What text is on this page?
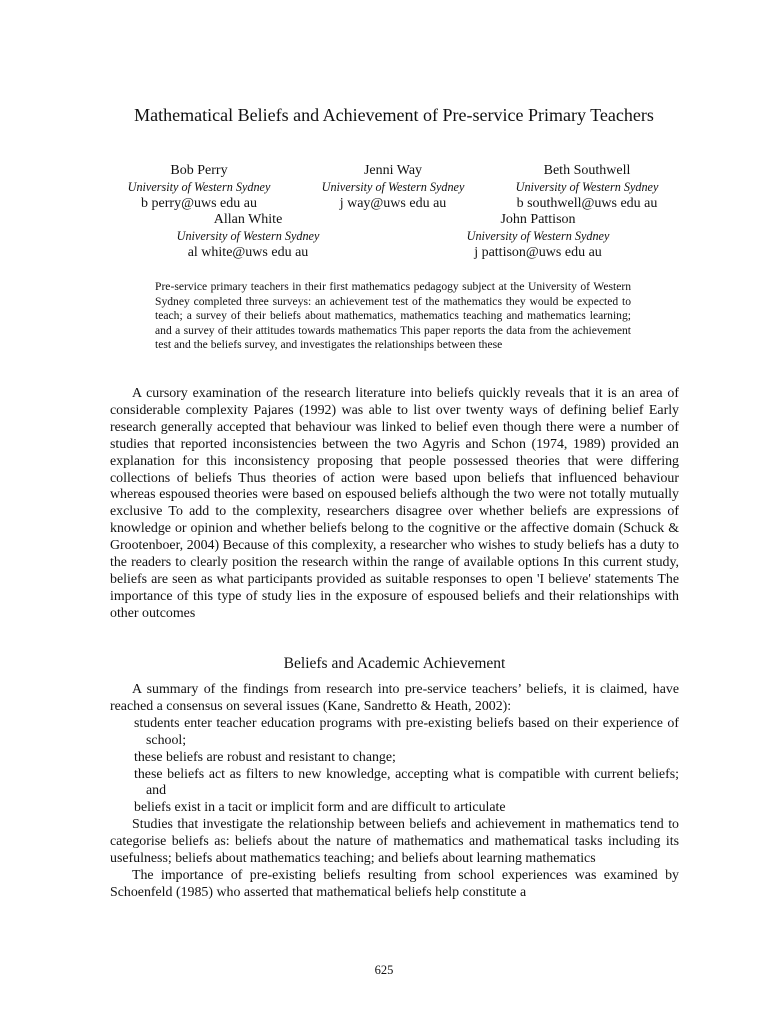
Mathematical Beliefs and Achievement of Pre-service Primary Teachers
Bob Perry
University of Western Sydney
b perry@uws edu au
Jenni Way
University of Western Sydney
j way@uws edu au
Beth Southwell
University of Western Sydney
b southwell@uws edu au
Allan White
University of Western Sydney
al white@uws edu au
John Pattison
University of Western Sydney
j pattison@uws edu au
Pre-service primary teachers in their first mathematics pedagogy subject at the University of Western Sydney completed three surveys: an achievement test of the mathematics they would be expected to teach; a survey of their beliefs about mathematics, mathematics teaching and mathematics learning; and a survey of their attitudes towards mathematics This paper reports the data from the achievement test and the beliefs survey, and investigates the relationships between these

A cursory examination of the research literature into beliefs quickly reveals that it is an area of considerable complexity Pajares (1992) was able to list over twenty ways of defining belief Early research generally accepted that behaviour was linked to belief even though there were a number of studies that reported inconsistencies between the two Agyris and Schon (1974, 1989) provided an explanation for this inconsistency proposing that people possessed theories that were differing collections of beliefs Thus theories of action were based upon beliefs that influenced behaviour whereas espoused theories were based on espoused beliefs although the two were not totally mutually exclusive To add to the complexity, researchers disagree over whether beliefs are expressions of knowledge or opinion and whether beliefs belong to the cognitive or the affective domain (Schuck & Grootenboer, 2004) Because of this complexity, a researcher who wishes to study beliefs has a duty to the readers to clearly position the research within the range of available options In this current study, beliefs are seen as what participants provided as suitable responses to open 'I believe' statements The importance of this type of study lies in the exposure of espoused beliefs and their relationships with other outcomes

Beliefs and Academic Achievement

A summary of the findings from research into pre-service teachers’ beliefs, it is claimed, have reached a consensus on several issues (Kane, Sandretto & Heath, 2002):

students enter teacher education programs with pre-existing beliefs based on their experience of school;
these beliefs are robust and resistant to change;
these beliefs act as filters to new knowledge, accepting what is compatible with current beliefs; and
beliefs exist in a tacit or implicit form and are difficult to articulate

Studies that investigate the relationship between beliefs and achievement in mathematics tend to categorise beliefs as: beliefs about the nature of mathematics and mathematical tasks including its usefulness; beliefs about mathematics teaching; and beliefs about learning mathematics

The importance of pre-existing beliefs resulting from school experiences was examined by Schoenfeld (1985) who asserted that mathematical beliefs help constitute a

625
